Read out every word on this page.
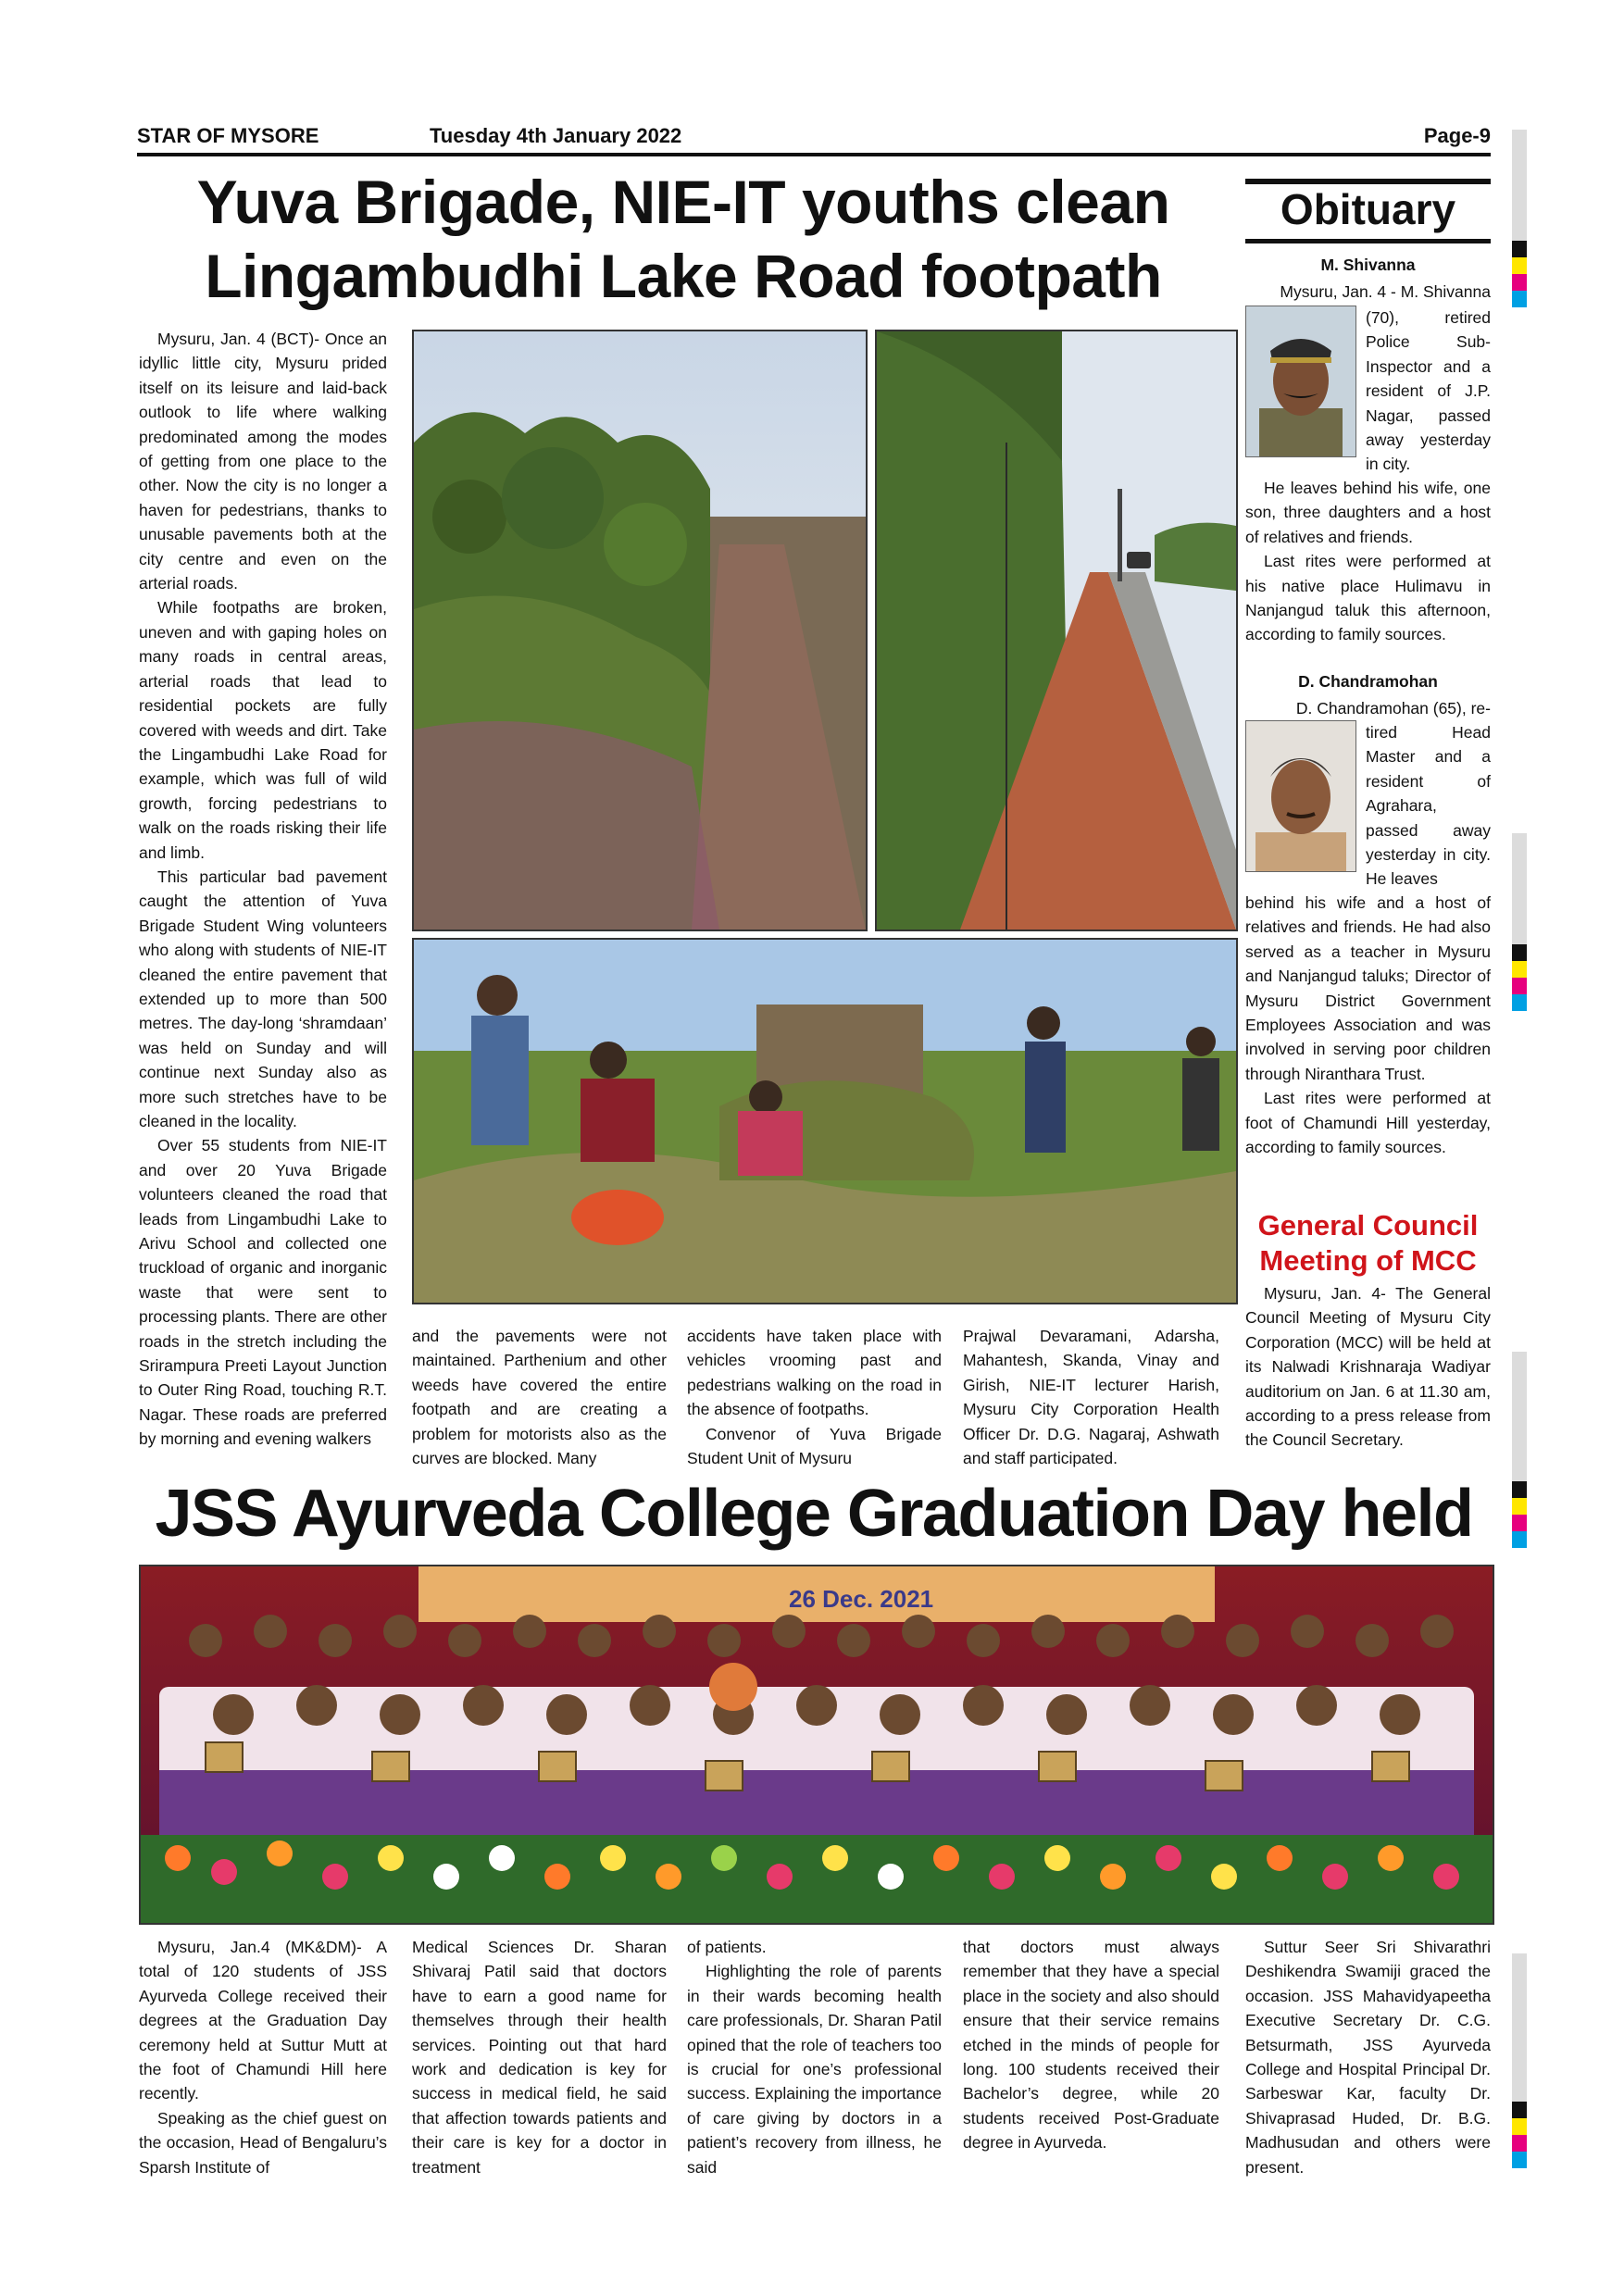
STAR OF MYSORE	Tuesday 4th January 2022	Page-9
Yuva Brigade, NIE-IT youths clean Lingambudhi Lake Road footpath

Mysuru, Jan. 4 (BCT)- Once an idyllic little city, Mysuru prided itself on its leisure and laid-back outlook to life where walking predominated among the modes of getting from one place to the other. Now the city is no longer a haven for pedestrians, thanks to unusable pavements both at the city centre and even on the arterial roads.

While footpaths are broken, uneven and with gaping holes on many roads in central areas, arterial roads that lead to residential pockets are fully covered with weeds and dirt. Take the Lingambudhi Lake Road for example, which was full of wild growth, forcing pedestrians to walk on the roads risking their life and limb.

This particular bad pavement caught the attention of Yuva Brigade Student Wing volunteers who along with students of NIE-IT cleaned the entire pavement that extended up to more than 500 metres. The day-long ‘shramdaan’ was held on Sunday and will continue next Sunday also as more such stretches have to be cleaned in the locality.

Over 55 students from NIE-IT and over 20 Yuva Brigade volunteers cleaned the road that leads from Lingambudhi Lake to Arivu School and collected one truckload of organic and inorganic waste that were sent to processing plants. There are other roads in the stretch including the Srirampura Preeti Layout Junction to Outer Ring Road, touching R.T. Nagar. These roads are preferred by morning and evening walkers

and the pavements were not maintained. Parthenium and other weeds have covered the entire footpath and are creating a problem for motorists also as the curves are blocked. Many

accidents have taken place with vehicles vrooming past and pedestrians walking on the road in the absence of footpaths.

Convenor of Yuva Brigade Student Unit of Mysuru

Prajwal Devaramani, Adarsha, Mahantesh, Skanda, Vinay and Girish, NIE-IT lecturer Harish, Mysuru City Corporation Health Officer Dr. D.G. Nagaraj, Ashwath and staff participated.

Obituary
M. Shivanna
Mysuru, Jan. 4 - M. Shivanna
(70), retired Police Sub-Inspector and a resident of J.P. Nagar, passed away yesterday in city.
He leaves behind his wife, one son, three daughters and a host of relatives and friends.
Last rites were performed at his native place Hulimavu in Nanjangud taluk this afternoon, according to family sources.
D. Chandramohan
D. Chandramohan (65), re-
tired Head Master and a resident of Agrahara, passed away yesterday in city. He leaves
behind his wife and a host of relatives and friends. He had also served as a teacher in Mysuru and Nanjangud taluks; Director of Mysuru District Government Employees Association and was involved in serving poor children through Niranthara Trust.
Last rites were performed at foot of Chamundi Hill yesterday, according to family sources.
General Council Meeting of MCC
Mysuru, Jan. 4- The General Council Meeting of Mysuru City Corporation (MCC) will be held at its Nalwadi Krishnaraja Wadiyar auditorium on Jan. 6 at 11.30 am, according to a press release from the Council Secretary.
JSS Ayurveda College Graduation Day held
26 Dec. 2021

Mysuru, Jan.4 (MK&DM)- A total of 120 students of JSS Ayurveda College received their degrees at the Graduation Day ceremony held at Suttur Mutt at the foot of Chamundi Hill here recently.

Speaking as the chief guest on the occasion, Head of Bengaluru’s Sparsh Institute of

Medical Sciences Dr. Sharan Shivaraj Patil said that doctors have to earn a good name for themselves through their health services. Pointing out that hard work and dedication is key for success in medical field, he said that affection towards patients and their care is key for a doctor in treatment

of patients.

Highlighting the role of parents in their wards becoming health care professionals, Dr. Sharan Patil opined that the role of teachers too is crucial for one’s professional success. Explaining the importance of care giving by doctors in a patient’s recovery from illness, he said

that doctors must always remember that they have a special place in the society and also should ensure that their service remains etched in the minds of people for long. 100 students received their Bachelor’s degree, while 20 students received Post-Graduate degree in Ayurveda.

Suttur Seer Sri Shivarathri Deshikendra Swamiji graced the occasion. JSS Mahavidyapeetha Executive Secretary Dr. C.G. Betsurmath, JSS Ayurveda College and Hospital Principal Dr. Sarbeswar Kar, faculty Dr. Shivaprasad Huded, Dr. B.G. Madhusudan and others were present.
